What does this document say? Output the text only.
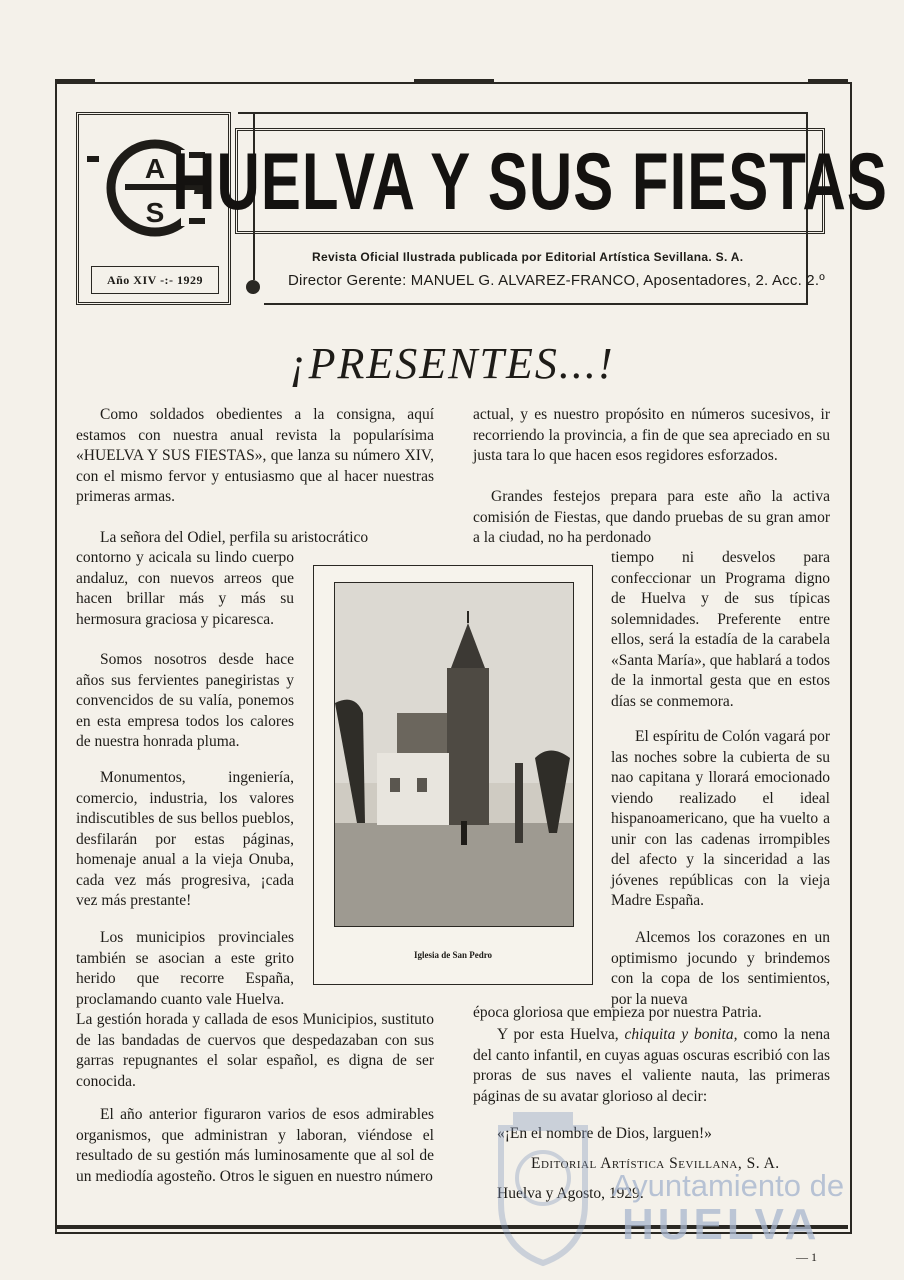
A
S
Año XIV -:- 1929
HUELVA Y SUS FIESTAS
Revista Oficial Ilustrada publicada por Editorial Artística Sevillana. S. A.
Director Gerente: MANUEL G. ALVAREZ-FRANCO, Aposentadores, 2. Acc. 2.º
¡PRESENTES...!

Como soldados obedientes a la consigna, aquí estamos con nuestra anual revista la popularísima «HUELVA Y SUS FIESTAS», que lanza su número XIV, con el mismo fervor y entusiasmo que al hacer nuestras primeras armas.

La señora del Odiel, perfila su aristocrático

contorno y acicala su lindo cuerpo andaluz, con nuevos arreos que hacen brillar más y más su hermosura graciosa y picaresca.

Somos nosotros desde hace años sus fervientes panegiristas y convencidos de su valía, ponemos en esta empresa todos los calores de nuestra honrada pluma.

Monumentos, ingeniería, comercio, industria, los valores indiscutibles de sus bellos pueblos, desfilarán por estas páginas, homenaje anual a la vieja Onuba, cada vez más progresiva, ¡cada vez más prestante!

Los municipios provinciales también se asocian a este grito herido que recorre España, proclamando cuanto vale Huelva.

La gestión horada y callada de esos Municipios, sustituto de las bandadas de cuervos que despedazaban con sus garras repugnantes el solar español, es digna de ser conocida.

El año anterior figuraron varios de esos admirables organismos, que administran y laboran, viéndose el resultado de su gestión más luminosamente que al sol de un mediodía agosteño. Otros le siguen en nuestro número

Iglesia de San Pedro

actual, y es nuestro propósito en números sucesivos, ir recorriendo la provincia, a fin de que sea apreciado en su justa tara lo que hacen esos regidores esforzados.

Grandes festejos prepara para este año la activa comisión de Fiestas, que dando pruebas de su gran amor a la ciudad, no ha perdonado

tiempo ni desvelos para confeccionar un Programa digno de Huelva y de sus típicas solemnidades. Preferente entre ellos, será la estadía de la carabela «Santa María», que hablará a todos de la inmortal gesta que en estos días se conmemora.

El espíritu de Colón vagará por las noches sobre la cubierta de su nao capitana y llorará emocionado viendo realizado el ideal hispanoamericano, que ha vuelto a unir con las cadenas irrompibles del afecto y la sinceridad a las jóvenes repúblicas con la vieja Madre España.

Alcemos los corazones en un optimismo jocundo y brindemos con la copa de los sentimientos, por la nueva

época gloriosa que empieza por nuestra Patria.

Y por esta Huelva, chiquita y bonita, como la nena del canto infantil, en cuyas aguas oscuras escribió con las proras de sus naves el valiente nauta, las primeras páginas de su avatar glorioso al decir:

«¡En el nombre de Dios, larguen!»

Editorial Artística Sevillana, S. A.

Huelva y Agosto, 1929.

Ayuntamiento de
HUELVA
— 1
